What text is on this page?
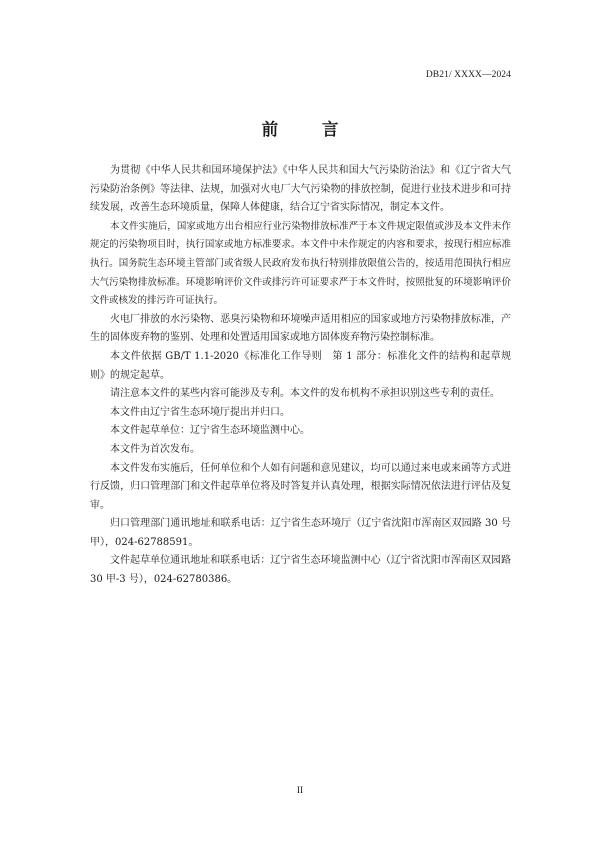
DB21/ XXXX—2024
前 言

为贯彻《中华人民共和国环境保护法》《中华人民共和国大气污染防治法》和《辽宁省大气污染防治条例》等法律、法规，加强对火电厂大气污染物的排放控制，促进行业技术进步和可持续发展，改善生态环境质量，保障人体健康，结合辽宁省实际情况，制定本文件。

本文件实施后，国家或地方出台相应行业污染物排放标准严于本文件规定限值或涉及本文件未作规定的污染物项目时，执行国家或地方标准要求。本文件中未作规定的内容和要求，按现行相应标准执行。国务院生态环境主管部门或省级人民政府发布执行特别排放限值公告的，按适用范围执行相应大气污染物排放标准。环境影响评价文件或排污许可证要求严于本文件时，按照批复的环境影响评价文件或核发的排污许可证执行。

火电厂排放的水污染物、恶臭污染物和环境噪声适用相应的国家或地方污染物排放标准，产生的固体废弃物的鉴别、处理和处置适用国家或地方固体废弃物污染控制标准。

本文件依据 GB/T 1.1-2020《标准化工作导则　第 1 部分：标准化文件的结构和起草规则》的规定起草。

请注意本文件的某些内容可能涉及专利。本文件的发布机构不承担识别这些专利的责任。

本文件由辽宁省生态环境厅提出并归口。

本文件起草单位：辽宁省生态环境监测中心。

本文件为首次发布。

本文件发布实施后，任何单位和个人如有问题和意见建议，均可以通过来电或来函等方式进行反馈，归口管理部门和文件起草单位将及时答复并认真处理，根据实际情况依法进行评估及复审。

归口管理部门通讯地址和联系电话：辽宁省生态环境厅（辽宁省沈阳市浑南区双园路 30 号甲），024-62788591。

文件起草单位通讯地址和联系电话：辽宁省生态环境监测中心（辽宁省沈阳市浑南区双园路 30 甲-3 号），024-62780386。

II
